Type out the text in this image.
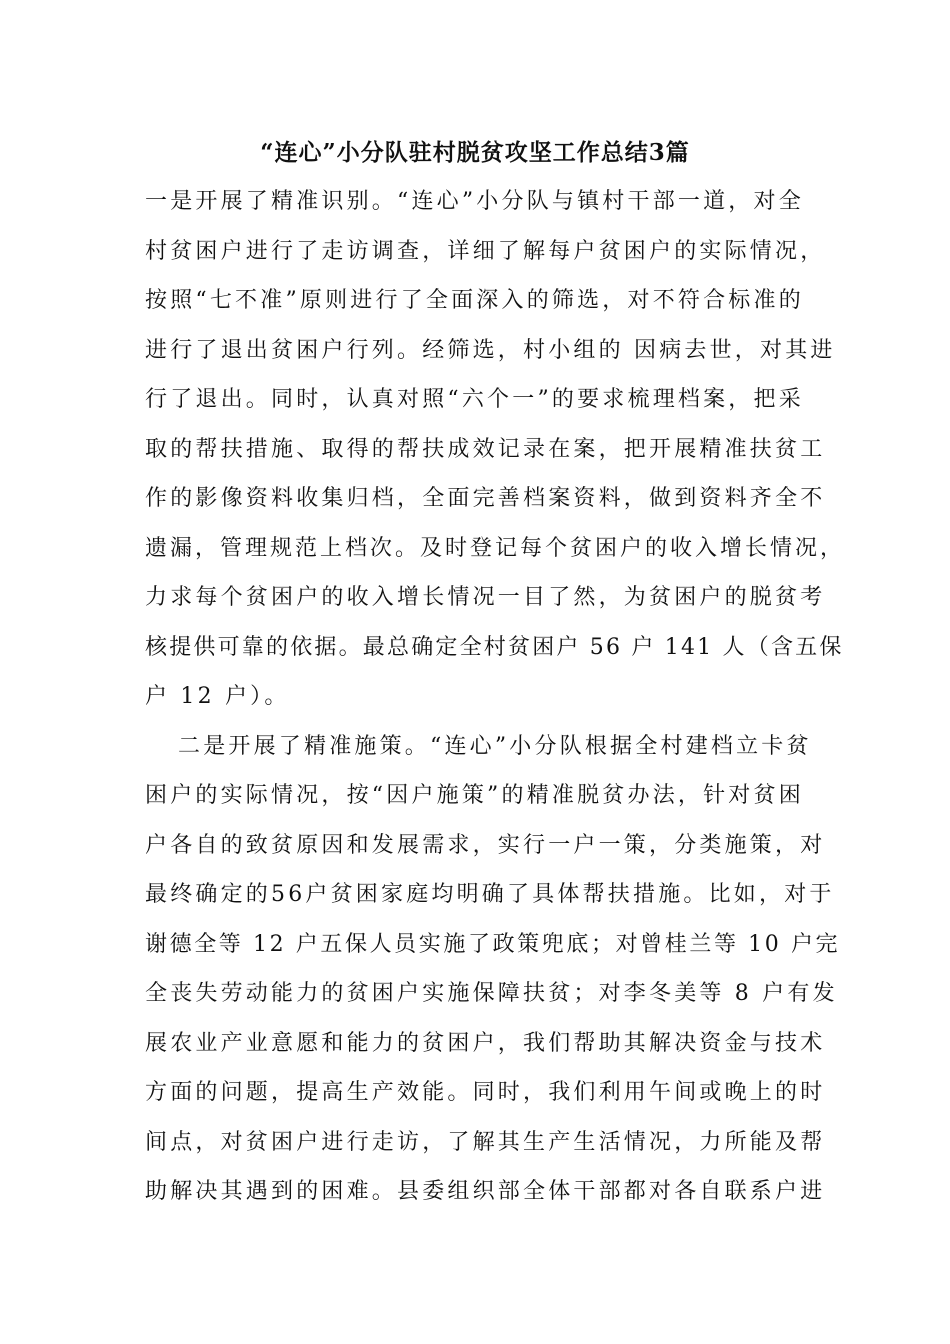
“连心”小分队驻村脱贫攻坚工作总结3篇

一是开展了精准识别。“连心”小分队与镇村干部一道，对全

村贫困户进行了走访调查，详细了解每户贫困户的实际情况，

按照“七不准”原则进行了全面深入的筛选，对不符合标准的

进行了退出贫困户行列。经筛选，村小组的 因病去世，对其进

行了退出。同时，认真对照“六个一”的要求梳理档案，把采

取的帮扶措施、取得的帮扶成效记录在案，把开展精准扶贫工

作的影像资料收集归档，全面完善档案资料，做到资料齐全不

遗漏，管理规范上档次。及时登记每个贫困户的收入增长情况，

力求每个贫困户的收入增长情况一目了然，为贫困户的脱贫考

核提供可靠的依据。最总确定全村贫困户 56 户 141 人（含五保

户 12 户）。

二是开展了精准施策。“连心”小分队根据全村建档立卡贫

困户的实际情况，按“因户施策”的精准脱贫办法，针对贫困

户各自的致贫原因和发展需求，实行一户一策，分类施策，对

最终确定的56户贫困家庭均明确了具体帮扶措施。比如，对于

谢德全等 12 户五保人员实施了政策兜底；对曾桂兰等 10 户完

全丧失劳动能力的贫困户实施保障扶贫；对李冬美等 8 户有发

展农业产业意愿和能力的贫困户，我们帮助其解决资金与技术

方面的问题，提高生产效能。同时，我们利用午间或晚上的时

间点，对贫困户进行走访，了解其生产生活情况，力所能及帮

助解决其遇到的困难。县委组织部全体干部都对各自联系户进
